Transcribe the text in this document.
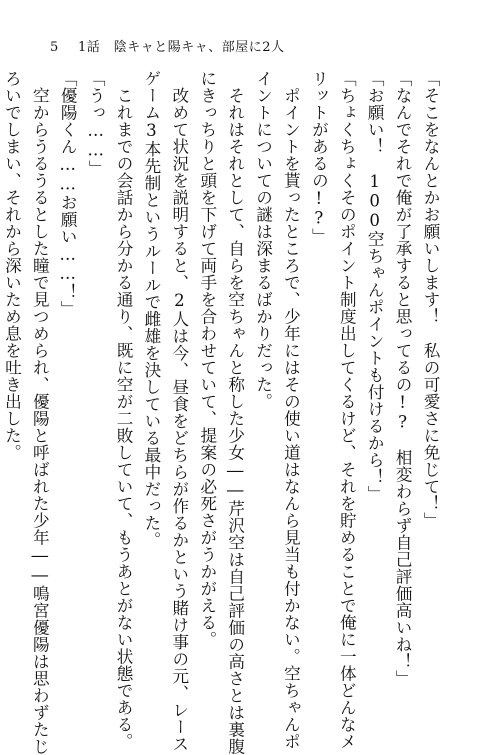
5 1話　陰キャと陽キャ、部屋に2人
「そこをなんとかお願いします！　私の可愛さに免じて！」
「なんでそれで俺が了承すると思ってるの!?　相変わらず自己評価高いね！」
「お願い！　100空ちゃんポイントも付けるから！」
「ちょくちょくそのポイント制度出してくるけど、それを貯めることで俺に一体どんなメ
リットがあるの!?」
　ポイントを貰ったところで、少年にはその使い道はなんら見当も付かない。空ちゃんポ
イントについての謎は深まるばかりだった。
　それはそれとして、自らを空ちゃんと称した少女――芹沢空は自己評価の高さとは裏腹
にきっちりと頭を下げて両手を合わせていて、提案の必死さがうかがえる。
　改めて状況を説明すると、2人は今、昼食をどちらが作るかという賭け事の元、レース
ゲーム3本先制というルールで雌雄を決している最中だった。
　これまでの会話から分かる通り、既に空が二敗していて、もうあとがない状態である。
「うっ……」
「優陽くん……お願い……！」
　空からうるうるとした瞳で見つめられ、優陽と呼ばれた少年――鳴宮優陽は思わずたじ
ろいでしまい、それから深いため息を吐き出した。
